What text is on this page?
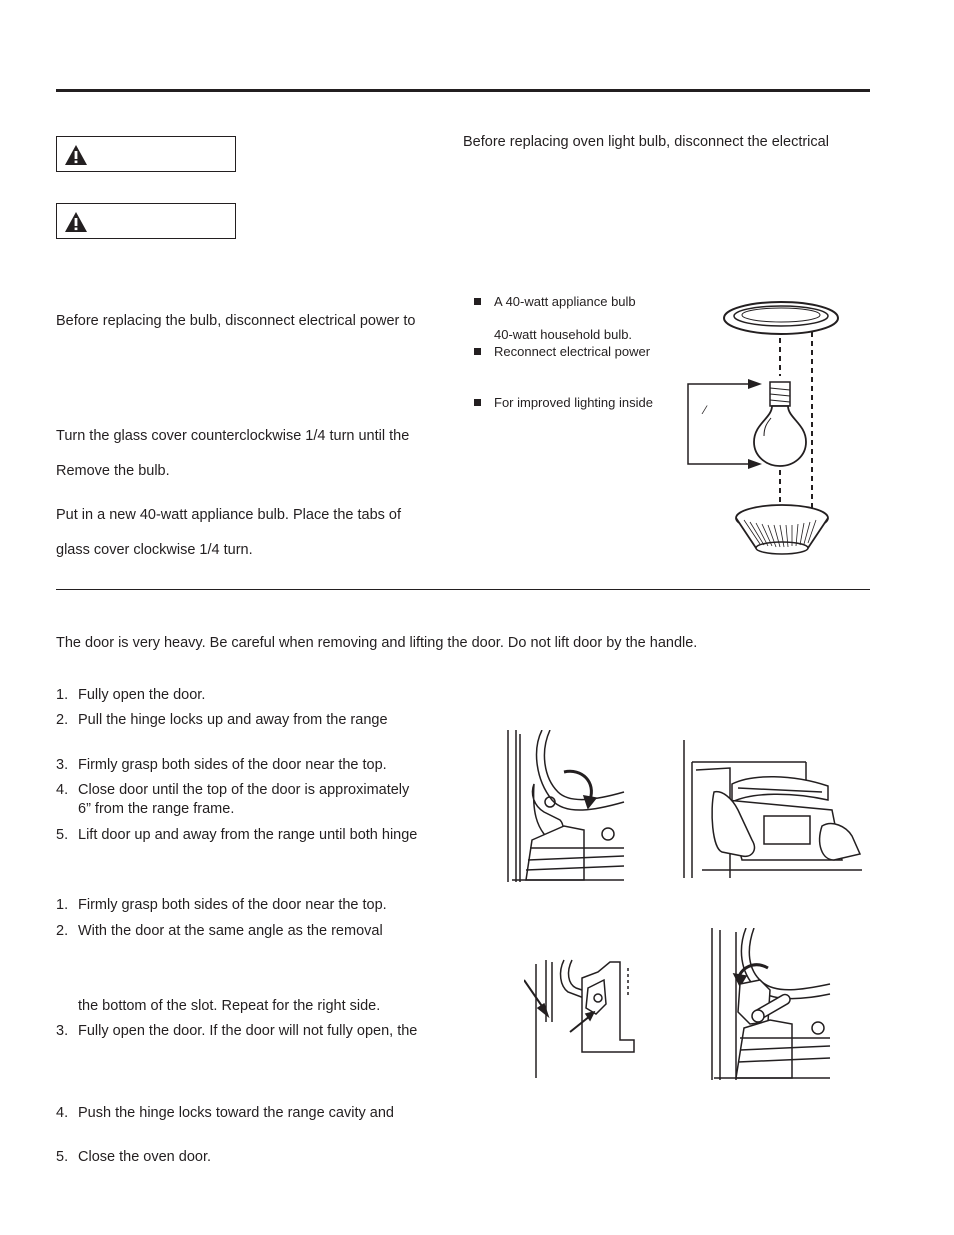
Before replacing the bulb, disconnect electrical power to
Turn the glass cover counterclockwise 1/4 turn until the
Remove the bulb.
Put in a new 40-watt appliance bulb. Place the tabs of
glass cover clockwise 1/4 turn.
Before replacing oven light bulb, disconnect the electrical
A 40-watt appliance bulb
40-watt household bulb.
Reconnect electrical power
For improved lighting inside	⁄
The door is very heavy. Be careful when removing and lifting the door. Do not lift door by the handle.
1. Fully open the door.
2. Pull the hinge locks up and away from the range
3. Firmly grasp both sides of the door near the top.
4. Close door until the top of the door is approximately
6” from the range frame.
5. Lift door up and away from the range until both hinge
1. Firmly grasp both sides of the door near the top.
2. With the door at the same angle as the removal
the bottom of the slot. Repeat for the right side.
3. Fully open the door. If the door will not fully open, the
4. Push the hinge locks toward the range cavity and
5. Close the oven door.
